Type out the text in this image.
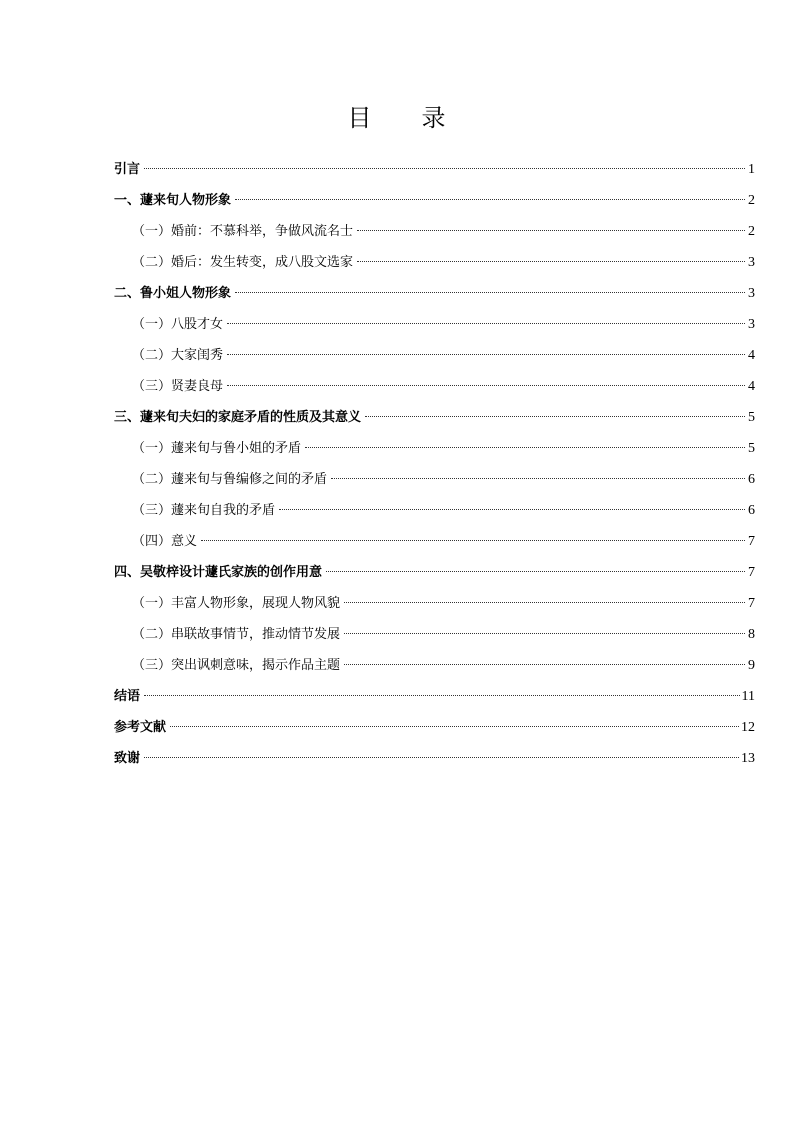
目 录
引言	1
一、蘧来旬人物形象	2
（一）婚前：不慕科举，争做风流名士	2
（二）婚后：发生转变，成八股文选家	3
二、鲁小姐人物形象	3
（一）八股才女	3
（二）大家闺秀	4
（三）贤妻良母	4
三、蘧来旬夫妇的家庭矛盾的性质及其意义	5
（一）蘧来旬与鲁小姐的矛盾	5
（二）蘧来旬与鲁编修之间的矛盾	6
（三）蘧来旬自我的矛盾	6
（四）意义	7
四、吴敬梓设计蘧氏家族的创作用意	7
（一）丰富人物形象，展现人物风貌	7
（二）串联故事情节，推动情节发展	8
（三）突出讽刺意味，揭示作品主题	9
结语	11
参考文献	12
致谢	13
